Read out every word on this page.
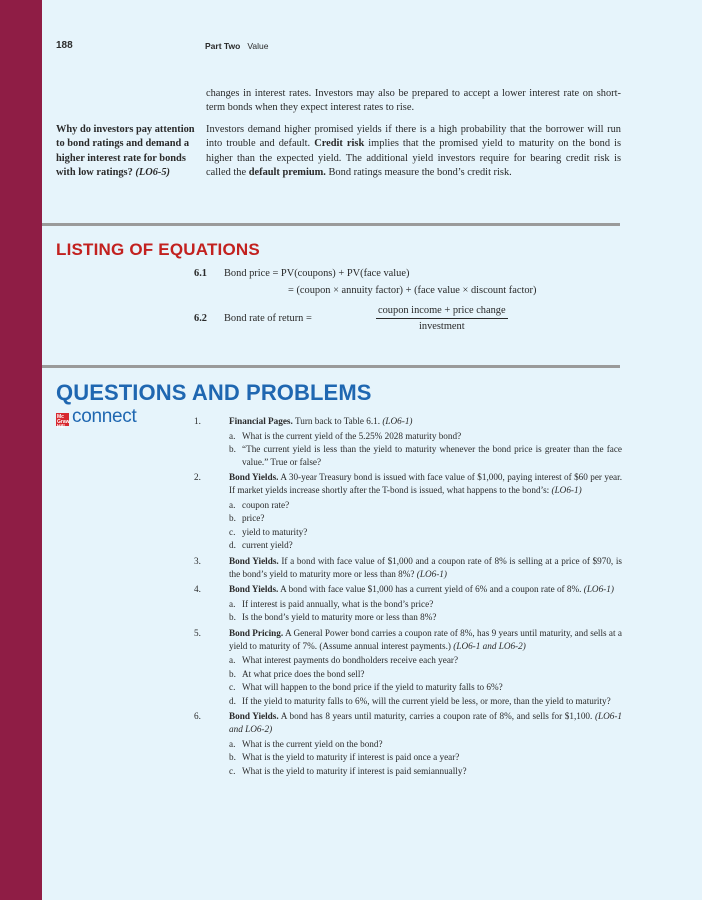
188	Part Two Value

changes in interest rates. Investors may also be prepared to accept a lower interest rate on short-term bonds when they expect interest rates to rise.

Why do investors pay attention to bond ratings and demand a higher interest rate for bonds with low ratings? (LO6-5)

Investors demand higher promised yields if there is a high probability that the borrower will run into trouble and default. Credit risk implies that the promised yield to maturity on the bond is higher than the expected yield. The additional yield investors require for bearing credit risk is called the default premium. Bond ratings measure the bond’s credit risk.

LISTING OF EQUATIONS
6.1 Bond price = PV(coupons) + PV(face value)
= (coupon × annuity factor) + (face value × discount factor)
6.2 Bond rate of return =
coupon income + price change
investment
QUESTIONS AND PROBLEMS
Mc Graw Hill connect	1.	Financial Pages. Turn back to Table 6.1. (LO6-1)
a. What is the current yield of the 5.25% 2028 maturity bond?
b. “The current yield is less than the yield to maturity whenever the bond price is greater than the face value.” True or false?
2.	Bond Yields. A 30-year Treasury bond is issued with face value of $1,000, paying interest of $60 per year. If market yields increase shortly after the T-bond is issued, what happens to the bond’s: (LO6-1)
a. coupon rate?
b. price?
c. yield to maturity?
d. current yield?
3.	Bond Yields. If a bond with face value of $1,000 and a coupon rate of 8% is selling at a price of $970, is the bond’s yield to maturity more or less than 8%? (LO6-1)
4.	Bond Yields. A bond with face value $1,000 has a current yield of 6% and a coupon rate of 8%. (LO6-1)
a. If interest is paid annually, what is the bond’s price?
b. Is the bond’s yield to maturity more or less than 8%?
5.	Bond Pricing. A General Power bond carries a coupon rate of 8%, has 9 years until maturity, and sells at a yield to maturity of 7%. (Assume annual interest payments.) (LO6-1 and LO6-2)
a. What interest payments do bondholders receive each year?
b. At what price does the bond sell?
c. What will happen to the bond price if the yield to maturity falls to 6%?
d. If the yield to maturity falls to 6%, will the current yield be less, or more, than the yield to maturity?
6.	Bond Yields. A bond has 8 years until maturity, carries a coupon rate of 8%, and sells for $1,100. (LO6-1 and LO6-2)
a. What is the current yield on the bond?
b. What is the yield to maturity if interest is paid once a year?
c. What is the yield to maturity if interest is paid semiannually?
